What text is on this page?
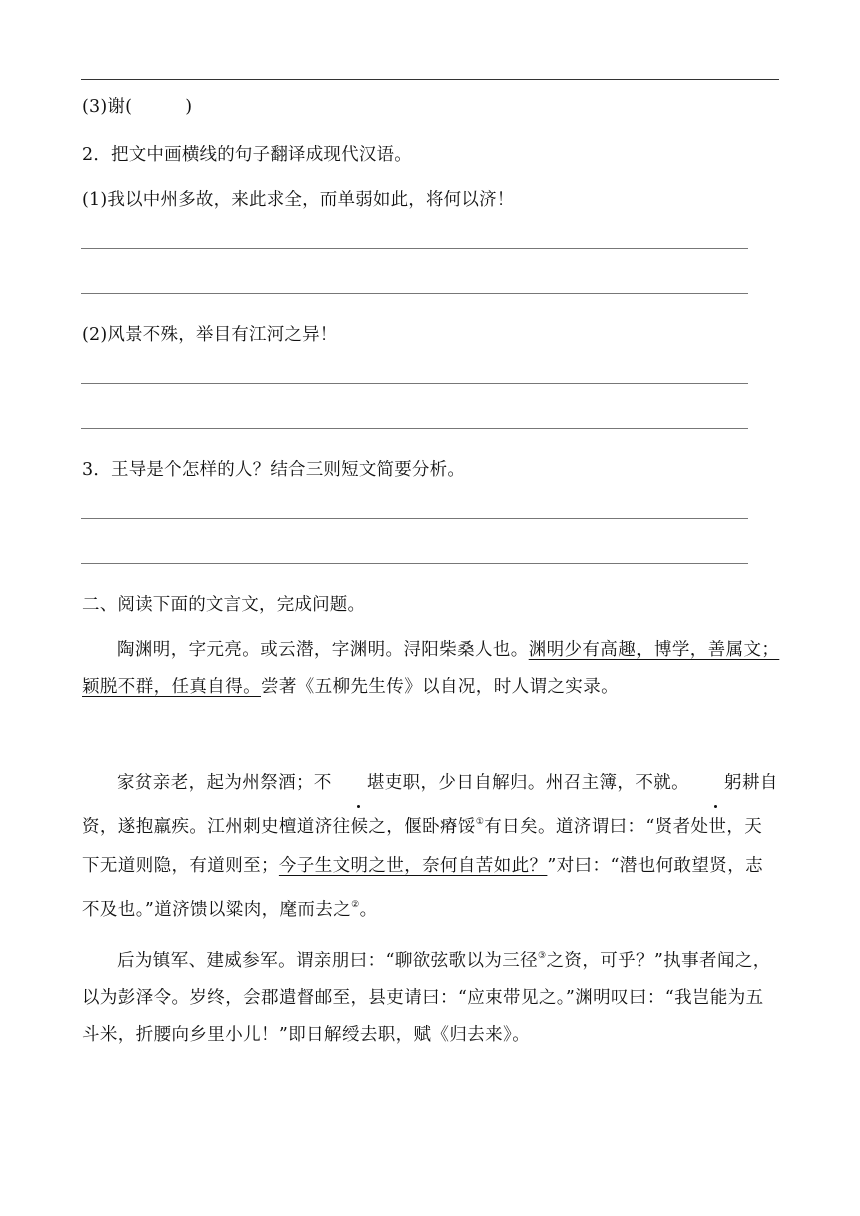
(3)谢(　　　)
2．把文中画横线的句子翻译成现代汉语。
(1)我以中州多故，来此求全，而单弱如此，将何以济！
(2)风景不殊，举目有江河之异！
3．王导是个怎样的人？结合三则短文简要分析。
二、阅读下面的文言文，完成问题。
陶渊明，字元亮。或云潜，字渊明。浔阳柴桑人也。渊明少有高趣，博学，善属文；颖脱不群，任真自得。尝著《五柳先生传》以自况，时人谓之实录。
家贫亲老，起为州祭酒；不 堪吏职，少日自解归。州召主簿，不就。 躬耕自资，遂抱羸疾。江州刺史檀道济往候之，偃卧瘠馁①有日矣。道济谓曰：“贤者处世，天下无道则隐，有道则至；今子生文明之世，奈何自苦如此？”对曰：“潜也何敢望贤，志不及也。”道济馈以粱肉，麾而去之②。
后为镇军、建威参军。谓亲朋曰：“聊欲弦歌以为三径③之资，可乎？”执事者闻之，以为彭泽令。岁终，会郡遣督邮至，县吏请曰：“应束带见之。”渊明叹曰：“我岂能为五斗米，折腰向乡里小儿！”即日解绶去职，赋《归去来》。
